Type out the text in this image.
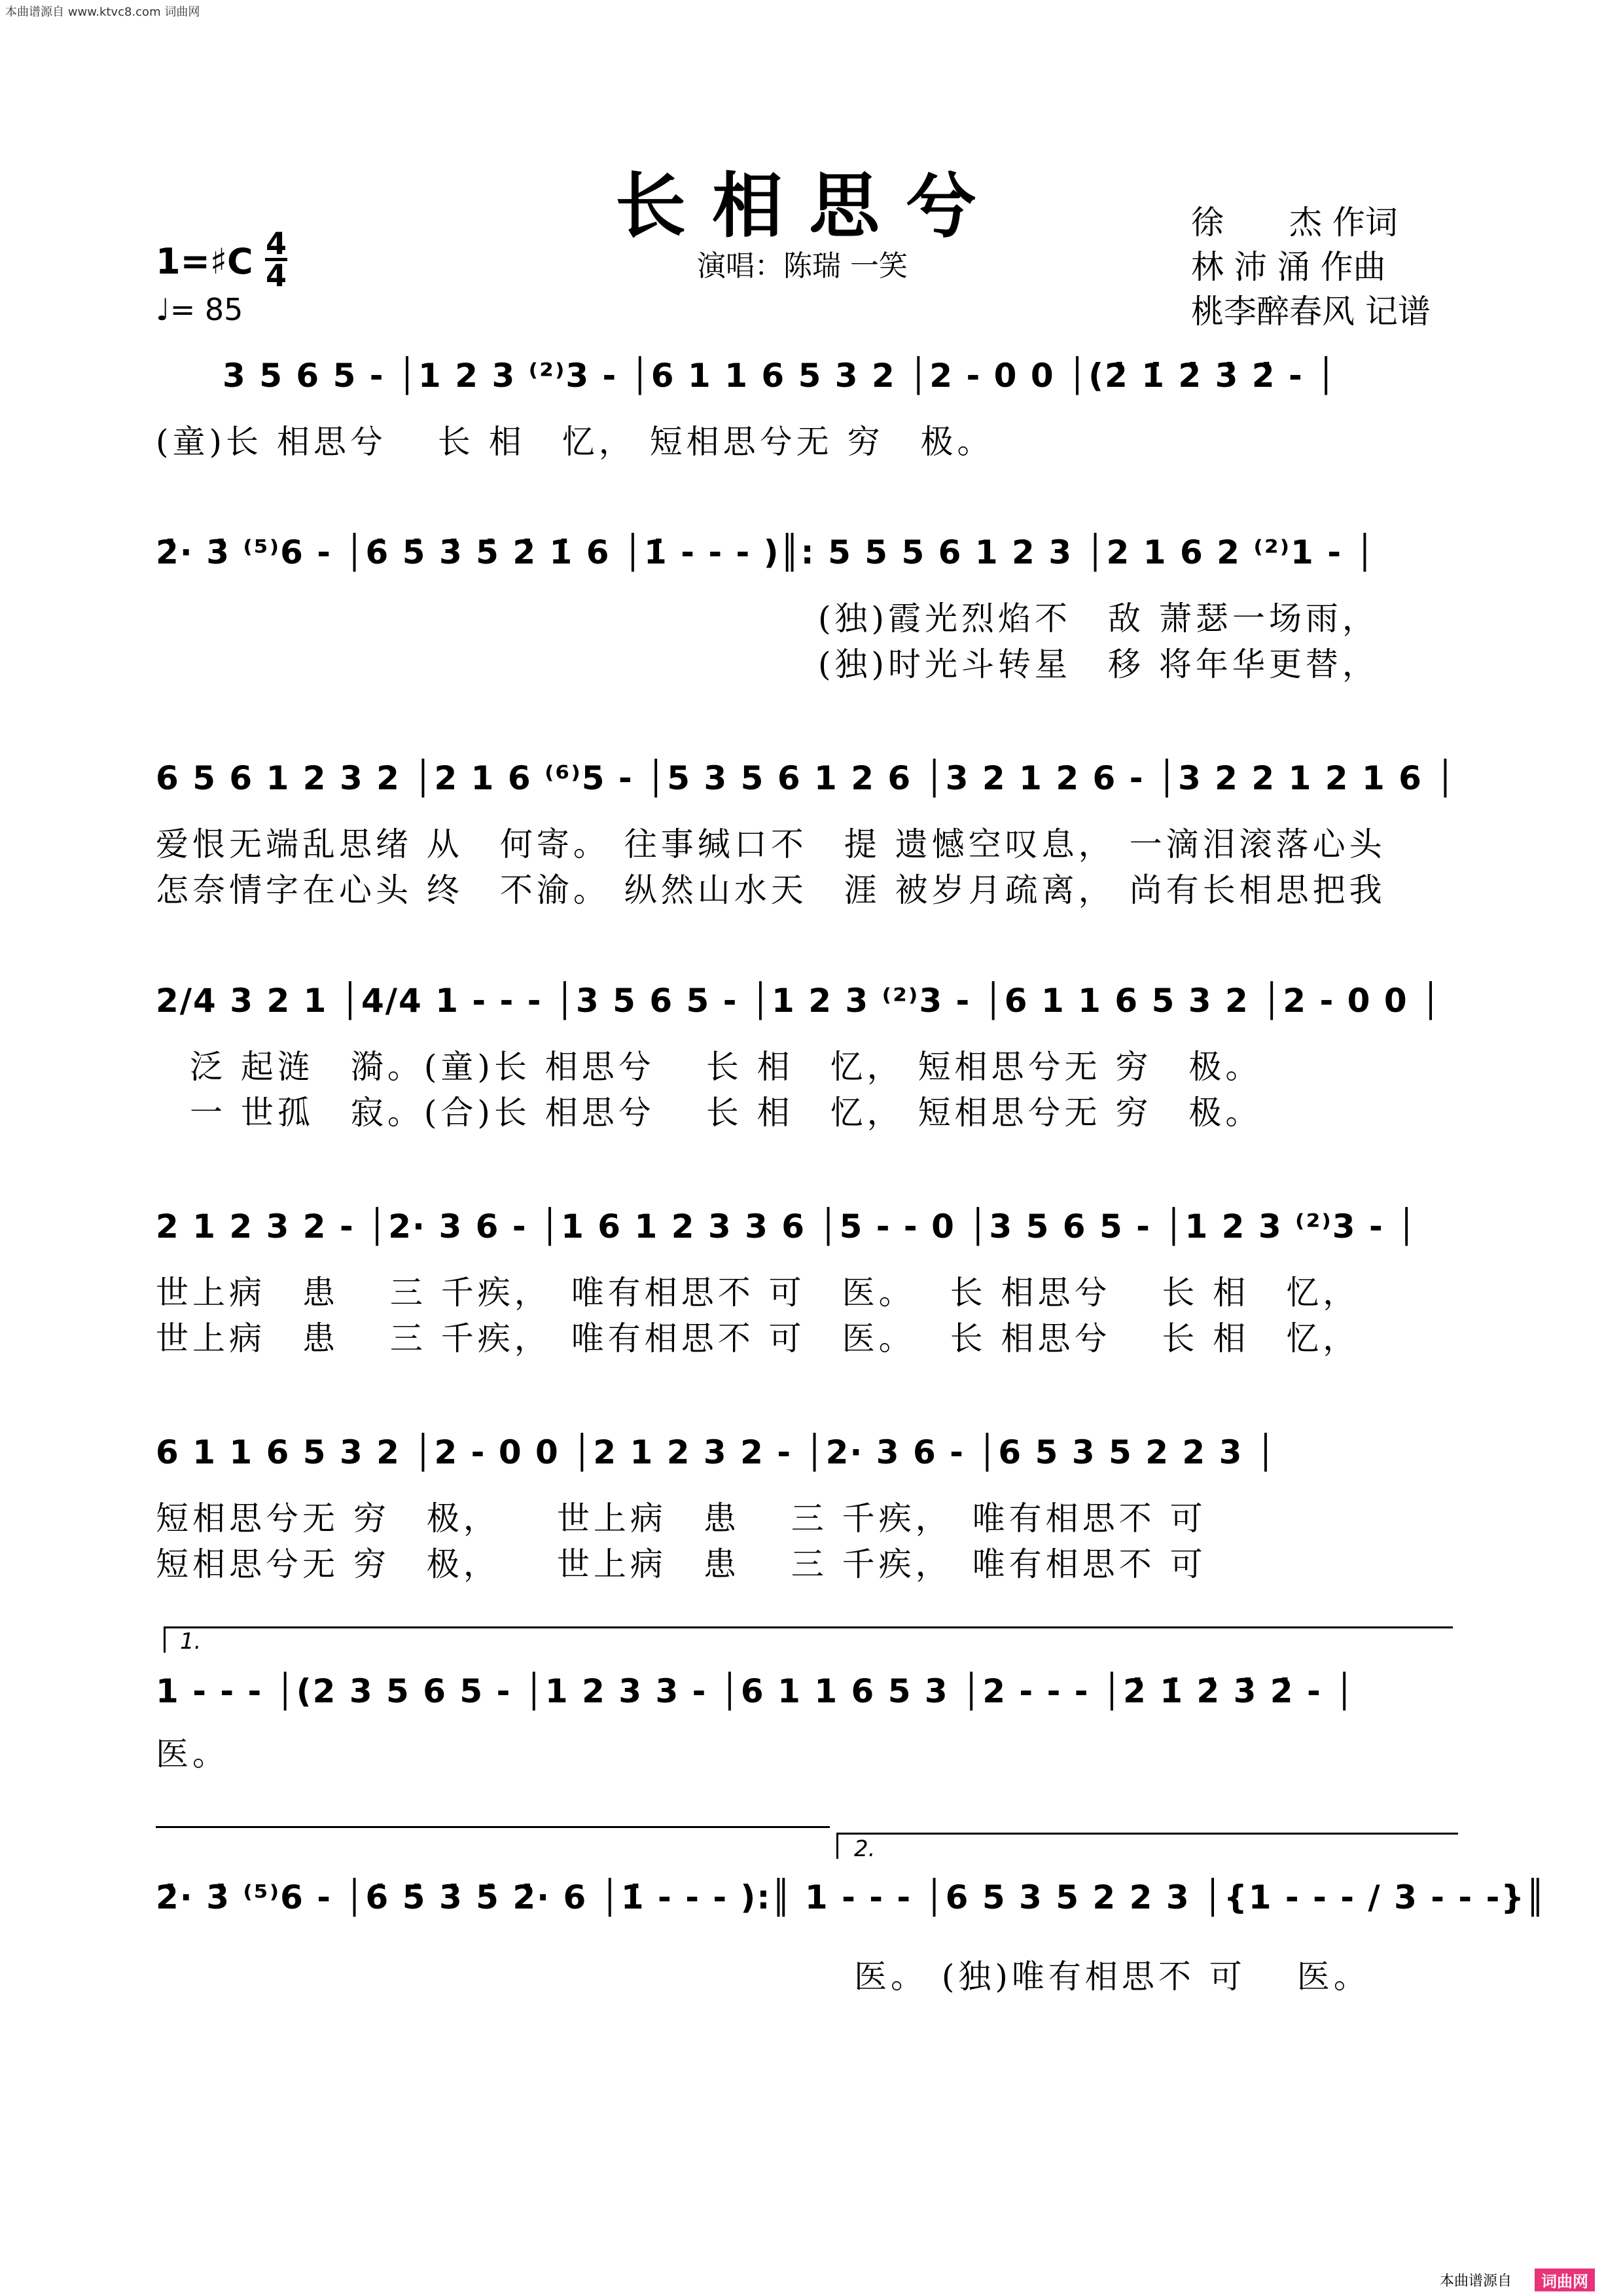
本曲谱源自 www.ktvc8.com 词曲网
长相思兮
演唱：陈瑞 一笑
徐　　杰 作词
林 沛 涌 作曲
桃李醉春风 记谱
1=♯C 4
4
♩= 85
3 5 6 5 - │1 2 3 ⁽²⁾3 - │6 1 1 6 5 3 2 │2 - 0 0 │(2̇ 1̇ 2̇ 3̇ 2̇ - │
(童)长 相思兮　 长 相　忆， 短相思兮无 穷　极。
2̇· 3̇ ⁽⁵⁾6 - │6̇ 5̇ 3̇ 5̇ 2̇ 1̇ 6 │1̇ - - - )║: 5 5 5 6 1 2 3 │2 1 6 2 ⁽²⁾1 - │
(独)霞光烈焰不　敌 萧瑟一场雨，
(独)时光斗转星　移 将年华更替，
6 5 6 1 2 3 2 │2 1 6 ⁽⁶⁾5 - │5 3 5 6 1 2 6 │3 2 1 2 6 - │3 2 2 1 2 1 6 │
爱恨无端乱思绪 从　何寄。 往事缄口不　提 遗憾空叹息， 一滴泪滚落心头
怎奈情字在心头 终　不渝。 纵然山水天　涯 被岁月疏离， 尚有长相思把我
2/4 3 2 1 │4/4 1 - - - │3 5 6 5 - │1 2 3 ⁽²⁾3 - │6 1 1 6 5 3 2 │2 - 0 0 │
泛 起涟　漪。(童)长 相思兮　 长 相　忆， 短相思兮无 穷　极。
一 世孤　寂。(合)长 相思兮　 长 相　忆， 短相思兮无 穷　极。
2 1 2 3 2 - │2· 3 6 - │1 6 1 2 3 3 6 │5 - - 0 │3 5 6 5 - │1 2 3 ⁽²⁾3 - │
世上病　患　 三 千疾，　唯有相思不 可　医。　 长 相思兮　 长 相　忆，
世上病　患　 三 千疾，　唯有相思不 可　医。　 长 相思兮　 长 相　忆，
6 1 1 6 5 3 2 │2 - 0 0 │2 1 2 3 2 - │2· 3 6 - │6 5 3 5 2 2 3 │
短相思兮无 穷　极，　　世上病　患　 三 千疾，　唯有相思不 可
短相思兮无 穷　极，　　世上病　患　 三 千疾，　唯有相思不 可
1.
1 - - - │(2 3 5 6 5 - │1 2 3 3 - │6 1 1 6 5 3 │2 - - - │2̇ 1̇ 2̇ 3̇ 2̇ - │
医。
2.
2̇· 3̇ ⁽⁵⁾6 - │6̇ 5̇ 3̇ 5̇ 2̇· 6 │1̇ - - - ):║ 1 - - - │6 5 3 5 2 2 3 │{1 - - - / 3 - - -}║
医。 (独)唯有相思不 可　 医。
本曲谱源自	词曲网
